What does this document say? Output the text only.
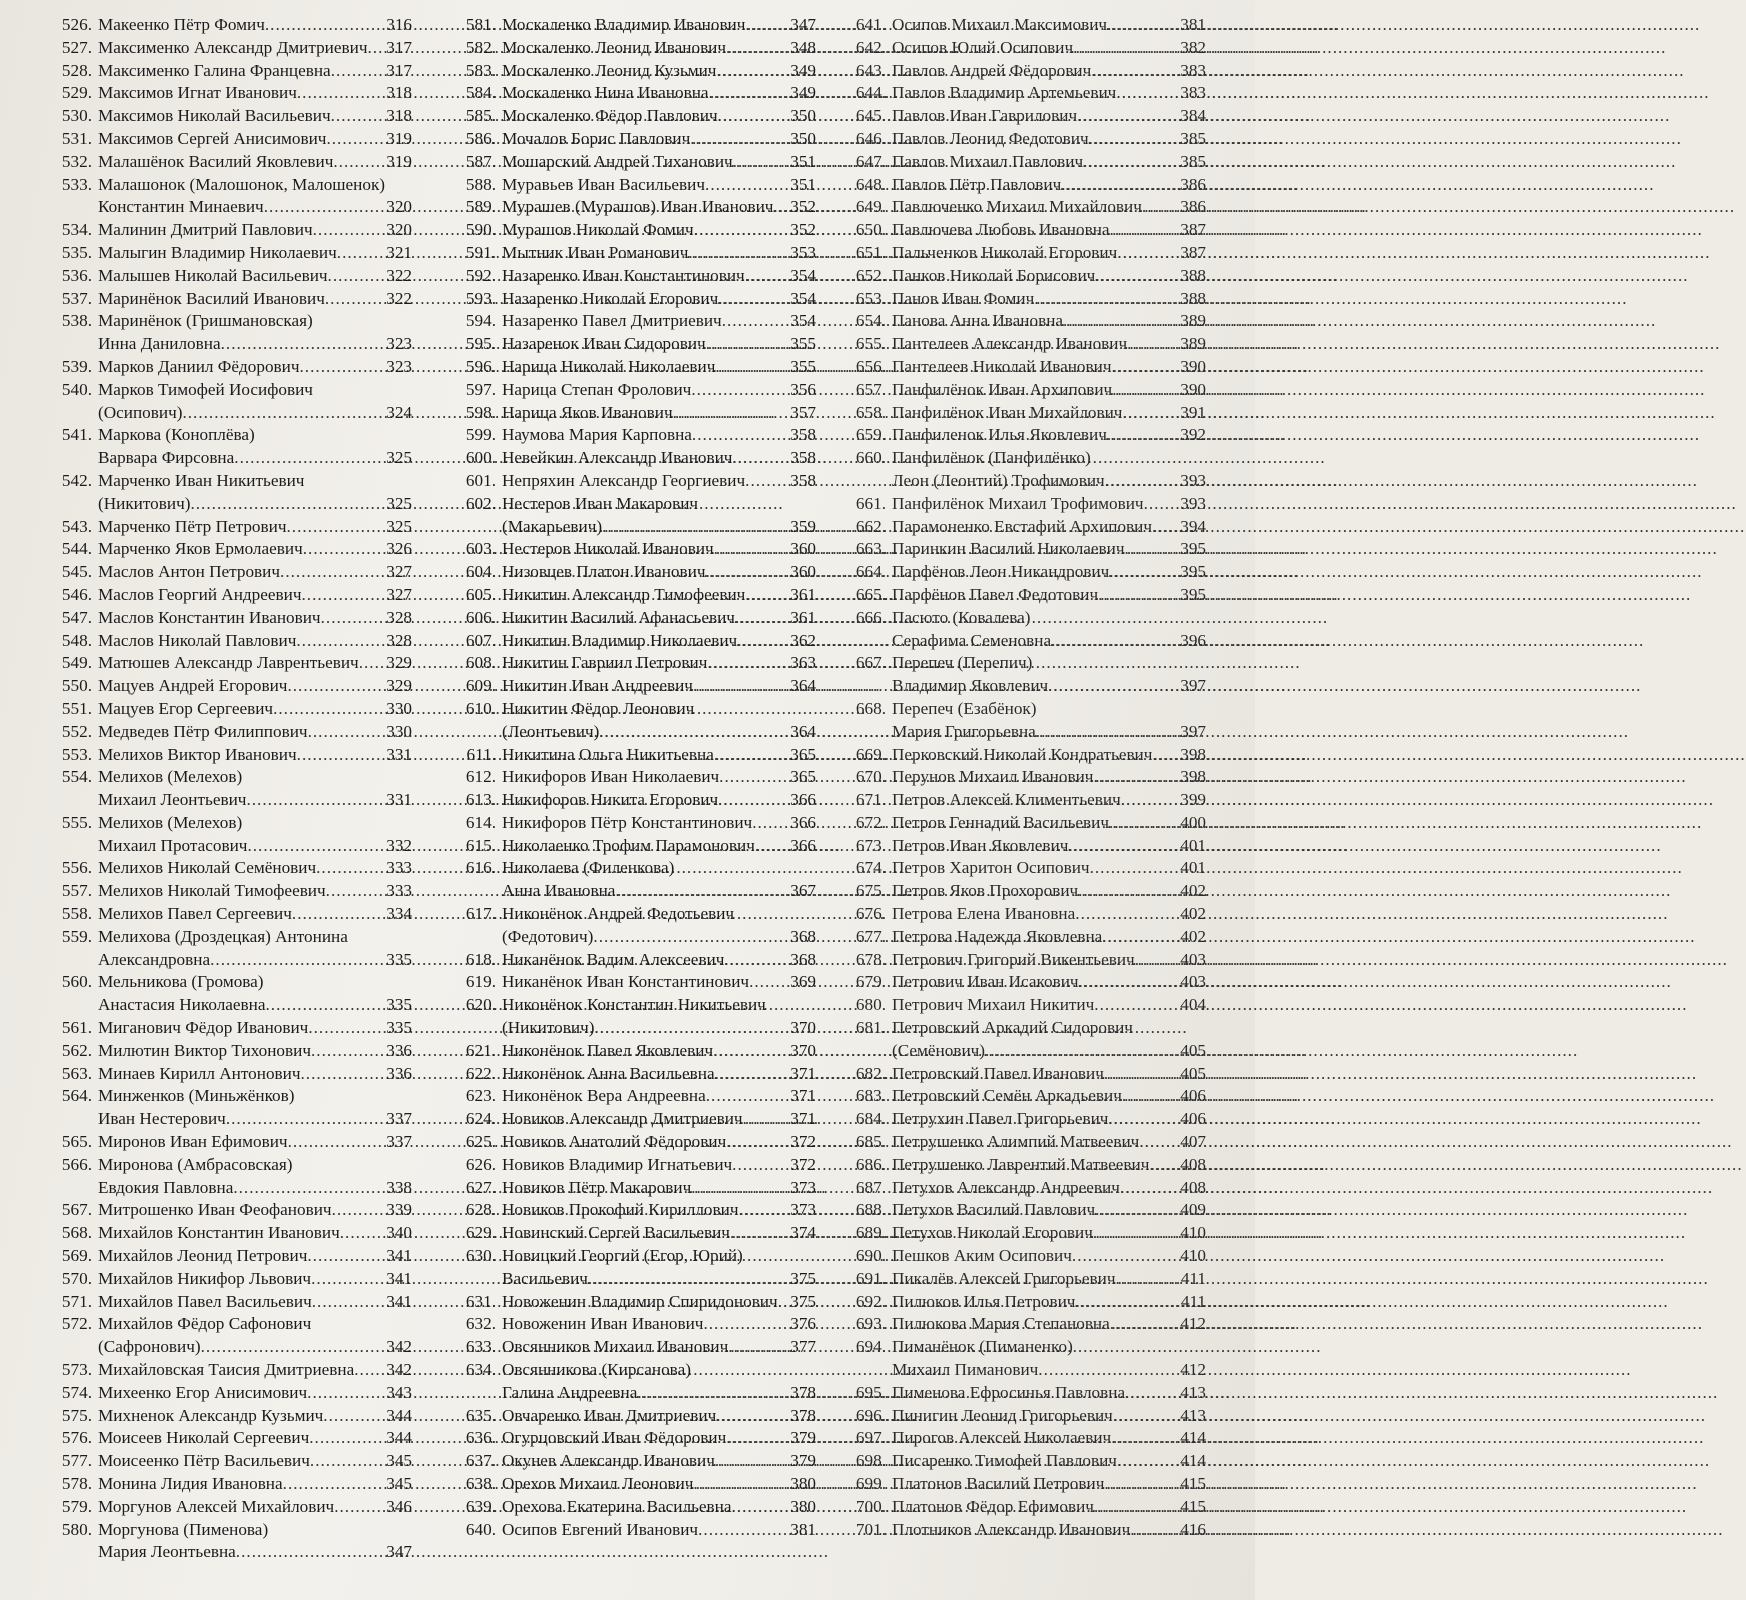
526. Макеенко Пётр Фомич .....	316
527. Максименко Александр Дмитриевич ..... 317
528. Максименко Галина Францевна .....	317
529. Максимов Игнат Иванович .....	318
530. Максимов Николай Васильевич .....	318
531. Максимов Сергей Анисимович .....	319
532. Малашёнок Василий Яковлевич .....	319
533. Малашонок (Малошонок, Малошенок)
Константин Минаевич .....	320
534. Малинин Дмитрий Павлович .....	320
535. Малыгин Владимир Николаевич .....	321
536. Малышев Николай Васильевич .....	322
537. Маринёнок Василий Иванович .....	322
538. Маринёнок (Гришмановская)
Инна Даниловна .....	323
539. Марков Даниил Фёдорович .....	323
540. Марков Тимофей Иосифович
(Осипович) .....	324
541. Маркова (Коноплёва)
Варвара Фирсовна .....	325
542. Марченко Иван Никитьевич
(Никитович) .....	325
543. Марченко Пётр Петрович .....	325
544. Марченко Яков Ермолаевич .....	326
545. Маслов Антон Петрович .....	327
546. Маслов Георгий Андреевич .....	327
547. Маслов Константин Иванович .....	328
548. Маслов Николай Павлович .....	328
549. Матюшев Александр Лаврентьевич ..... 329
550. Мацуев Андрей Егорович .....	329
551. Мацуев Егор Сергеевич .....	330
552. Медведев Пётр Филиппович .....	330
553. Мелихов Виктор Иванович .....	331
554. Мелихов (Мелехов)
Михаил Леонтьевич .....	331
555. Мелихов (Мелехов)
Михаил Протасович .....	332
556. Мелихов Николай Семёнович .....	333
557. Мелихов Николай Тимофеевич .....	333
558. Мелихов Павел Сергеевич .....	334
559. Мелихова (Дроздецкая) Антонина
Александровна .....	335
560. Мельникова (Громова)
Анастасия Николаевна .....	335
561. Миганович Фёдор Иванович .....	335
562. Милютин Виктор Тихонович .....	336
563. Минаев Кирилл Антонович .....	336
564. Минженков (Миньжёнков)
Иван Нестерович .....	337
565. Миронов Иван Ефимович .....	337
566. Миронова (Амбрасовская)
Евдокия Павловна .....	338
567. Митрошенко Иван Феофанович .....	339
568. Михайлов Константин Иванович .....	340
569. Михайлов Леонид Петрович .....	341
570. Михайлов Никифор Львович .....	341
571. Михайлов Павел Васильевич .....	341
572. Михайлов Фёдор Сафонович
(Сафронович) .....	342
573. Михайловская Таисия Дмитриевна ..... 342
574. Михеенко Егор Анисимович .....	343
575. Михненок Александр Кузьмич .....	344
576. Моисеев Николай Сергеевич .....	344
577. Моисеенко Пётр Васильевич .....	345
578. Монина Лидия Ивановна .....	345
579. Моргунов Алексей Михайлович .....	346
580. Моргунова (Пименова)
Мария Леонтьевна .....	347
581. Москаленко Владимир Иванович .....	347
582. Москаленко Леонид Иванович .....	348
583. Москаленко Леонид Кузьмич .....	349
584. Москаленко Нина Ивановна .....	349
585. Москаленко Фёдор Павлович .....	350
586. Мочалов Борис Павлович .....	350
587. Мошарский Андрей Тиханович .....	351
588. Муравьев Иван Васильевич .....	351
589. Мурашев (Мурашов) Иван Иванович ..... 352
590. Мурашов Николай Фомич .....	352
591. Мытник Иван Романович .....	353
592. Назаренко Иван Константинович .....	354
593. Назаренко Николай Егорович .....	354
594. Назаренко Павел Дмитриевич .....	354
595. Назаренок Иван Сидорович .....	355
596. Нарица Николай Николаевич .....	355
597. Нарица Степан Фролович .....	356
598. Нарица Яков Иванович .....	357
599. Наумова Мария Карповна .....	358
600. Невейкин Александр Иванович .....	358
601. Непряхин Александр Георгиевич .....	358
602. Нестеров Иван Макарович
(Макарьевич) .....	359
603. Нестеров Николай Иванович .....	360
604. Низовцев Платон Иванович .....	360
605. Никитин Александр Тимофеевич .....	361
606. Никитин Василий Афанасьевич .....	361
607. Никитин Владимир Николаевич .....	362
608. Никитин Гавриил Петрович .....	363
609. Никитин Иван Андреевич .....	364
610. Никитин Фёдор Леонович
(Леонтьевич) .....	364
611. Никитина Ольга Никитьевна .....	365
612. Никифоров Иван Николаевич .....	365
613. Никифоров Никита Егорович .....	366
614. Никифоров Пётр Константинович ..... 366
615. Николаенко Трофим Парамонович ..... 366
616. Николаева (Филенкова)
Анна Ивановна .....	367
617. Никонёнок Андрей Федотьевич
(Федотович) .....	368
618. Никанёнок Вадим Алексеевич .....	368
619. Никанёнок Иван Константинович ..... 369
620. Никонёнок Константин Никитьевич
(Никитович) .....	370
621. Никонёнок Павел Яковлевич .....	370
622. Никонёнок Анна Васильевна .....	371
623. Никонёнок Вера Андреевна .....	371
624. Новиков Александр Дмитриевич .....	371
625. Новиков Анатолий Фёдорович .....	372
626. Новиков Владимир Игнатьевич .....	372
627. Новиков Пётр Макарович .....	373
628. Новиков Прокофий Кириллович .....	373
629. Новинский Сергей Васильевич .....	374
630. Новицкий Георгий (Егор, Юрий)
Васильевич .....	375
631. Новоженин Владимир Спиридонович ..... 375
632. Новоженин Иван Иванович .....	376
633. Овсянников Михаил Иванович .....	377
634. Овсянникова (Кирсанова)
Галина Андреевна .....	378
635. Овчаренко Иван Дмитриевич .....	378
636. Огурцовский Иван Фёдорович .....	379
637. Окунев Александр Иванович .....	379
638. Орехов Михаил Леонович .....	380
639. Орехова Екатерина Васильевна .....	380
640. Осипов Евгений Иванович .....	381
641. Осипов Михаил Максимович .....	381
642. Осипов Юлий Осипович .....	382
643. Павлов Андрей Фёдорович .....	383
644. Павлов Владимир Артемьевич .....	383
645. Павлов Иван Гаврилович .....	384
646. Павлов Леонид Федотович .....	385
647. Павлов Михаил Павлович .....	385
648. Павлов Пётр Павлович .....	386
649. Павлюченко Михаил Михайлович ..... 386
650. Павлючева Любовь Ивановна .....	387
651. Пальченков Николай Егорович .....	387
652. Панков Николай Борисович .....	388
653. Панов Иван Фомич .....	388
654. Панова Анна Ивановна .....	389
655. Пантелеев Александр Иванович .....	389
656. Пантелеев Николай Иванович .....	390
657. Панфилёнок Иван Архипович .....	390
658. Панфилёнок Иван Михайлович .....	391
659. Панфиленок Илья Яковлевич .....	392
660. Панфилёнок (Панфилёнко)
Леон (Леонтий) Трофимович .....	393
661. Панфилёнок Михаил Трофимович ..... 393
662. Парамоненко Евстафий Архипович ..... 394
663. Паринкин Василий Николаевич .....	395
664. Парфёнов Леон Никандрович .....	395
665. Парфёнов Павел Федотович .....	395
666. Пасюто (Ковалева)
Серафима Семеновна .....	396
667. Перепеч (Перепич)
Владимир Яковлевич .....	397
668. Перепеч (Езабёнок)
Мария Григорьевна .....	397
669. Перковский Николай Кондратьевич ..... 398
670. Перунов Михаил Иванович .....	398
671. Петров Алексей Климентьевич .....	399
672. Петров Геннадий Васильевич .....	400
673. Петров Иван Яковлевич .....	401
674. Петров Харитон Осипович .....	401
675. Петров Яков Прохорович .....	402
676. Петрова Елена Ивановна .....	402
677. Петрова Надежда Яковлевна .....	402
678. Петрович Григорий Викентьевич .....	403
679. Петрович Иван Исакович .....	403
680. Петрович Михаил Никитич .....	404
681. Петровский Аркадий Сидорович
(Семёнович) .....	405
682. Петровский Павел Иванович .....	405
683. Петровский Семён Аркадьевич .....	406
684. Петрухин Павел Григорьевич .....	406
685. Петрушенко Алимпий Матвеевич ..... 407
686. Петрушенко Лаврентий Матвеевич ..... 408
687. Петухов Александр Андреевич .....	408
688. Петухов Василий Павлович .....	409
689. Петухов Николай Егорович .....	410
690. Пешков Аким Осипович .....	410
691. Пикалёв Алексей Григорьевич .....	411
692. Пилюков Илья Петрович .....	411
693. Пилюкова Мария Степановна .....	412
694. Пиманёнок (Пиманенко)
Михаил Пиманович .....	412
695. Пименова Ефросинья Павловна .....	413
696. Пинигин Леонид Григорьевич .....	413
697. Пирогов Алексей Николаевич .....	414
698. Писаренко Тимофей Павлович .....	414
699. Платонов Василий Петрович .....	415
700. Платонов Фёдор Ефимович .....	415
701. Плотников Александр Иванович .....	416
